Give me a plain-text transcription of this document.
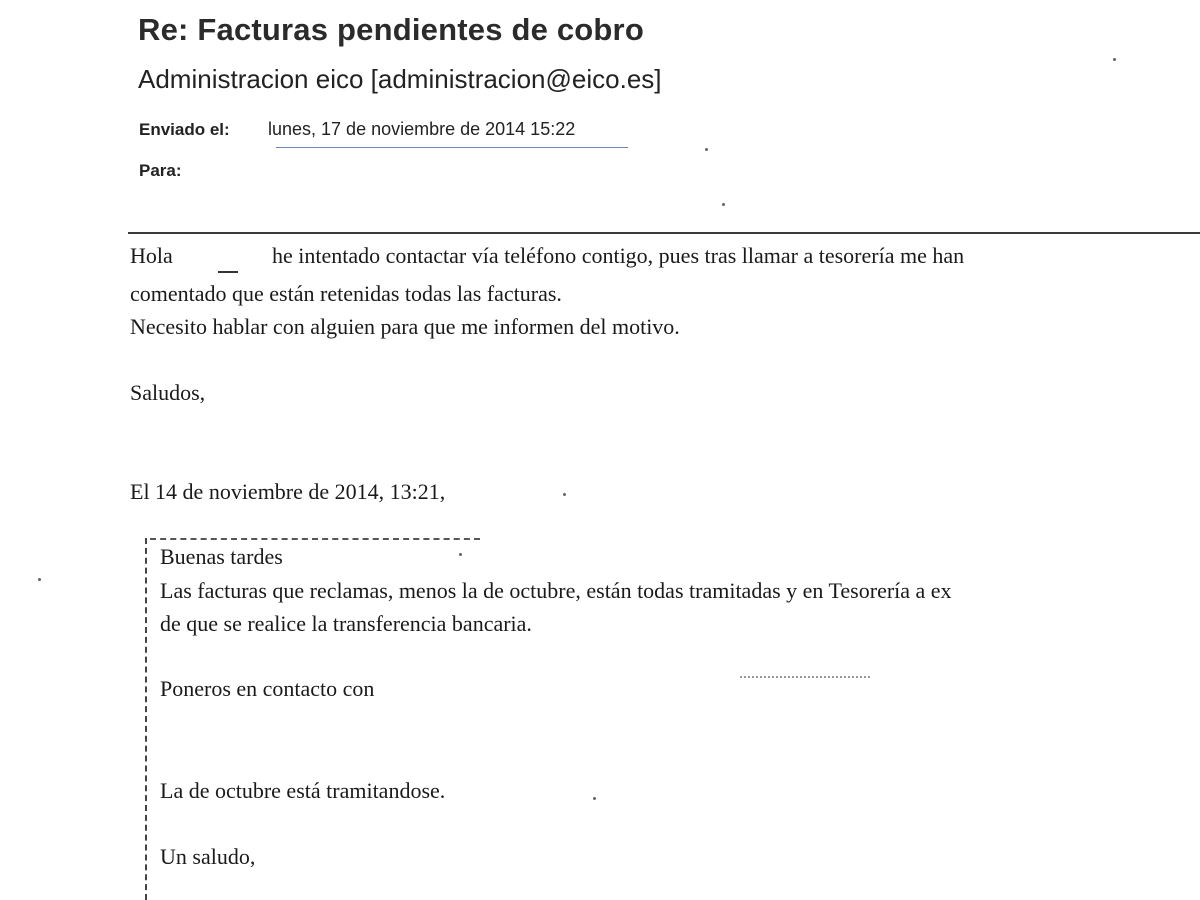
Re: Facturas pendientes de cobro
Administracion eico [administracion@eico.es]
Enviado el: lunes, 17 de noviembre de 2014 15:22
Para:
Hola	he intentado contactar vía teléfono contigo, pues tras llamar a tesorería me han
comentado que están retenidas todas las facturas.
Necesito hablar con alguien para que me informen del motivo.
Saludos,
El 14 de noviembre de 2014, 13:21,
Buenas tardes
Las facturas que reclamas, menos la de octubre, están todas tramitadas y en Tesorería a ex
de que se realice la transferencia bancaria.
Poneros en contacto con
La de octubre está tramitandose.
Un saludo,
